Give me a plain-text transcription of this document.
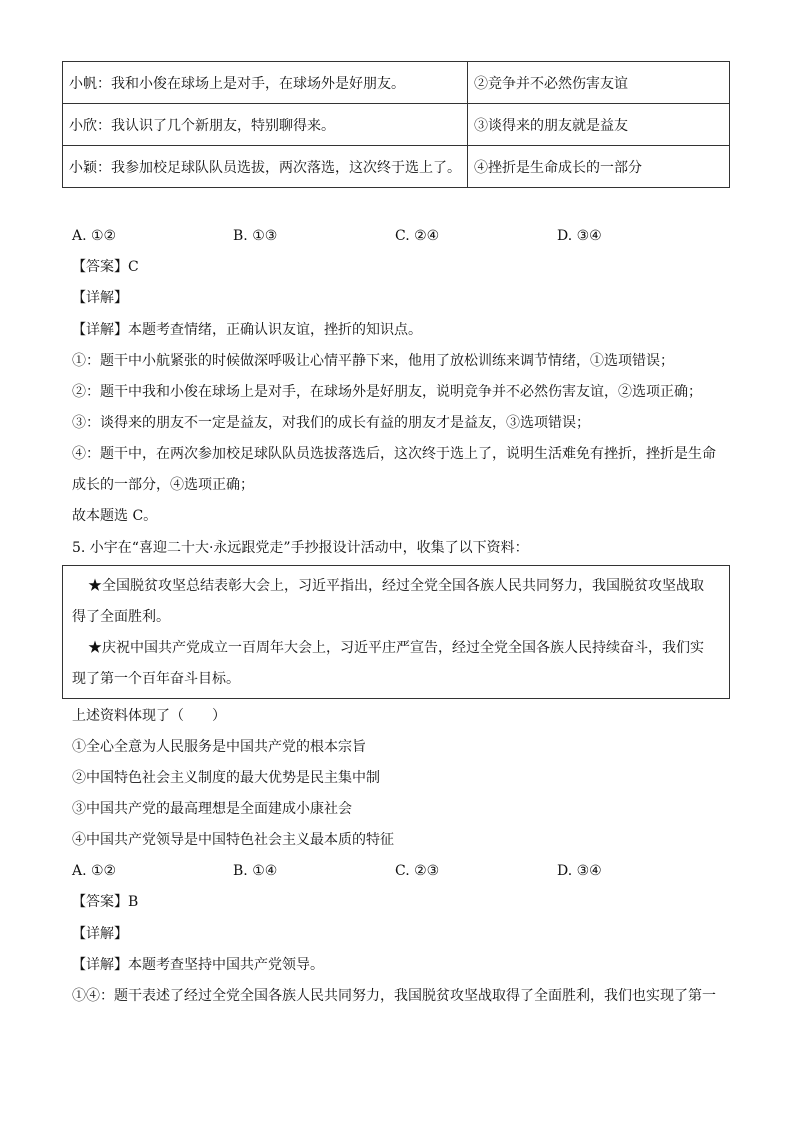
小帆：我和小俊在球场上是对手，在球场外是好朋友。	②竞争并不必然伤害友谊
小欣：我认识了几个新朋友，特别聊得来。	③谈得来的朋友就是益友
小颖：我参加校足球队队员选拔，两次落选，这次终于选上了。	④挫折是生命成长的一部分
A. ①②	B. ①③	C. ②④	D. ③④
【答案】C
【详解】
【详解】本题考查情绪，正确认识友谊，挫折的知识点。
①：题干中小航紧张的时候做深呼吸让心情平静下来，他用了放松训练来调节情绪，①选项错误；
②：题干中我和小俊在球场上是对手，在球场外是好朋友，说明竞争并不必然伤害友谊，②选项正确；
③：谈得来的朋友不一定是益友，对我们的成长有益的朋友才是益友，③选项错误；
④：题干中，在两次参加校足球队队员选拔落选后，这次终于选上了，说明生活难免有挫折，挫折是生命
成长的一部分，④选项正确；
故本题选 C。
5. 小宇在“喜迎二十大·永远跟党走”手抄报设计活动中，收集了以下资料：
★全国脱贫攻坚总结表彰大会上，习近平指出，经过全党全国各族人民共同努力，我国脱贫攻坚战取
得了全面胜利。
★庆祝中国共产党成立一百周年大会上，习近平庄严宣告，经过全党全国各族人民持续奋斗，我们实
现了第一个百年奋斗目标。
上述资料体现了（　　）
①全心全意为人民服务是中国共产党的根本宗旨
②中国特色社会主义制度的最大优势是民主集中制
③中国共产党的最高理想是全面建成小康社会
④中国共产党领导是中国特色社会主义最本质的特征
A. ①②	B. ①④	C. ②③	D. ③④
【答案】B
【详解】
【详解】本题考查坚持中国共产党领导。
①④：题干表述了经过全党全国各族人民共同努力，我国脱贫攻坚战取得了全面胜利，我们也实现了第一
